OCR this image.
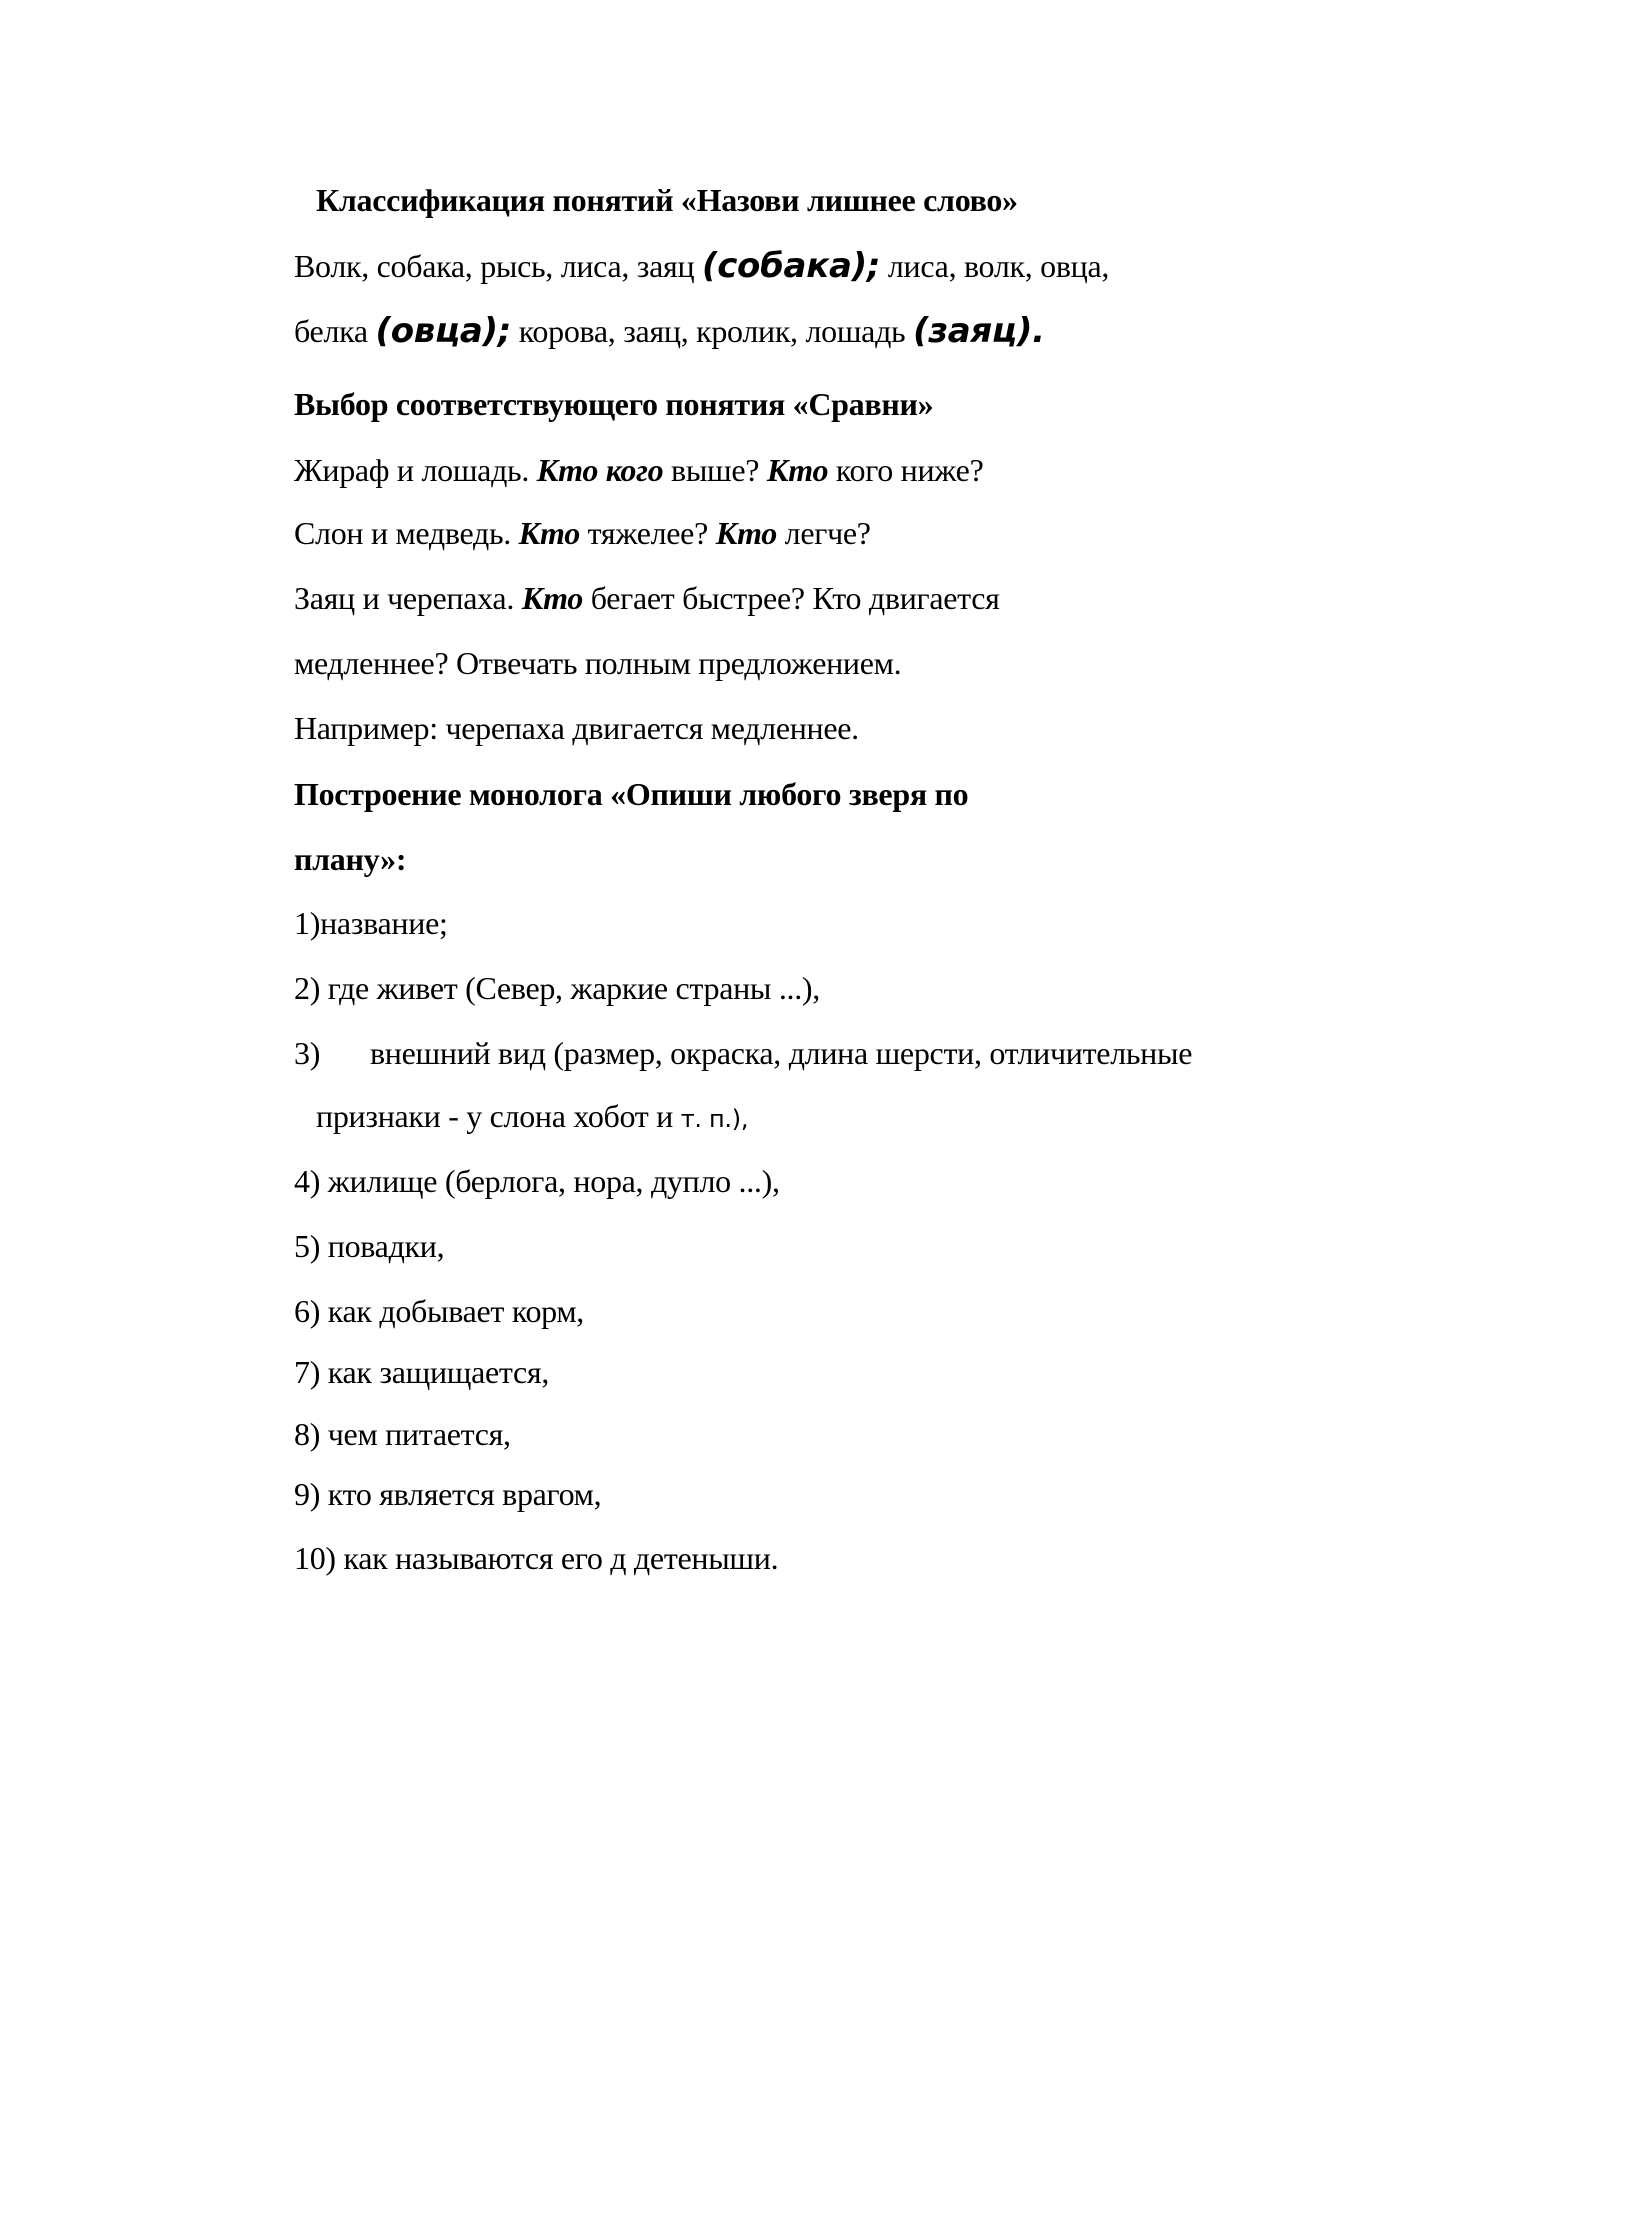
Классификация понятий «Назови лишнее слово»
Волк, собака, рысь, лиса, заяц (собака); лиса, волк, овца,
белка (овца); корова, заяц, кролик, лошадь (заяц).
Выбор соответствующего понятия «Сравни»
Жираф и лошадь. Кто кого выше? Кто кого ниже?
Слон и медведь. Кто тяжелее? Кто легче?
Заяц и черепаха. Кто бегает быстрее? Кто двигается
медленнее? Отвечать полным предложением.
Например: черепаха двигается медленнее.
Построение монолога «Опиши любого зверя по
плану»:
1)название;
2) где живет (Север, жаркие страны ...),
3) внешний вид (размер, окраска, длина шерсти, отличительные
признаки - у слона хобот и т. п.),
4) жилище (берлога, нора, дупло ...),
5) повадки,
6) как добывает корм,
7) как защищается,
8) чем питается,
9) кто является врагом,
10) как называются его д детеныши.
